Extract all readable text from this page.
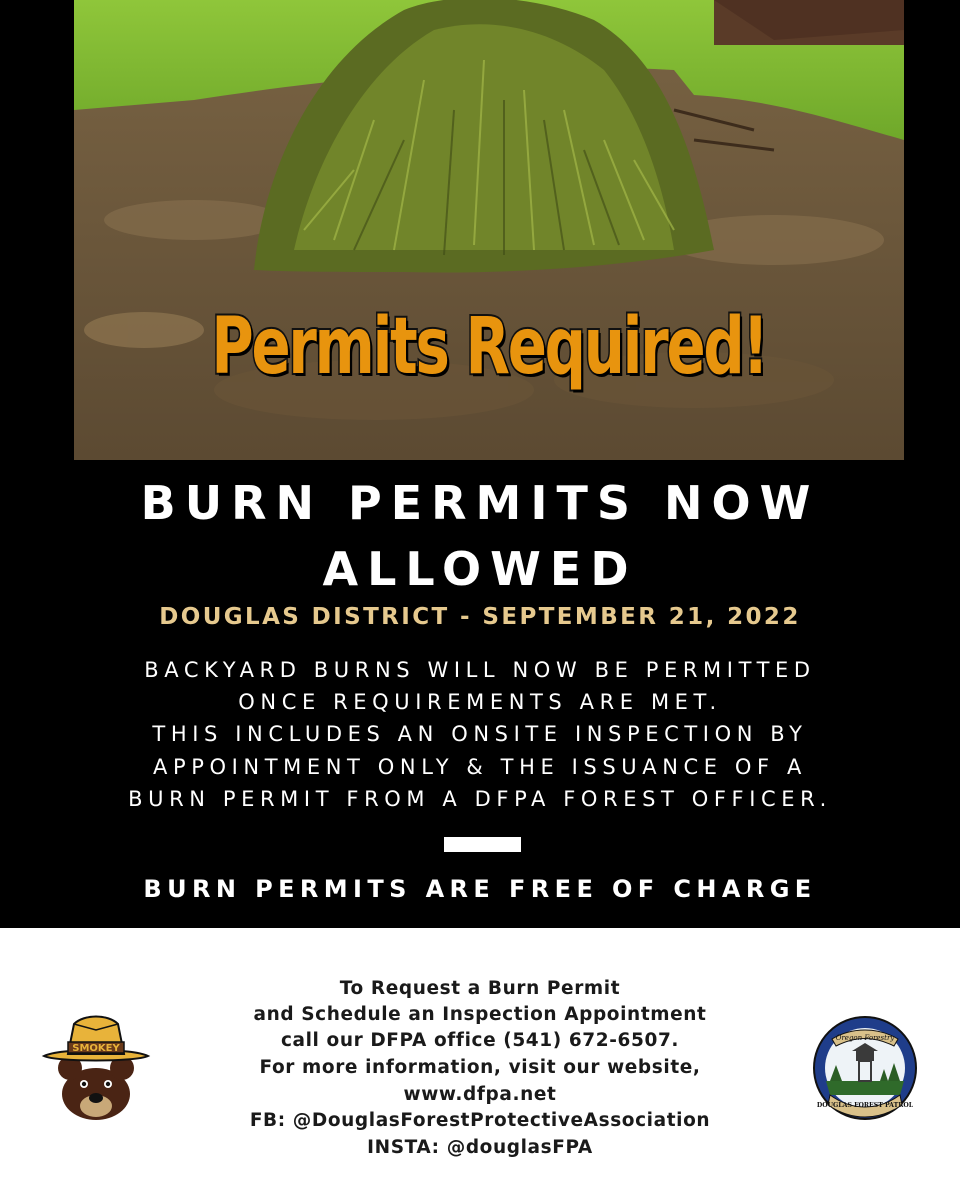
Permits Required!
BURN PERMITS NOW
ALLOWED
DOUGLAS DISTRICT - SEPTEMBER 21, 2022
BACKYARD BURNS WILL NOW BE PERMITTED
ONCE REQUIREMENTS ARE MET.
THIS INCLUDES AN ONSITE INSPECTION BY
APPOINTMENT ONLY & THE ISSUANCE OF A
BURN PERMIT FROM A DFPA FOREST OFFICER.
BURN PERMITS ARE FREE OF CHARGE
To Request a Burn Permit
and Schedule an Inspection Appointment
call our DFPA office (541) 672-6507.
For more information, visit our website,
www.dfpa.net
FB: @DouglasForestProtectiveAssociation
INSTA: @douglasFPA
SMOKEY
Oregon Forestry
DOUGLAS FOREST PATROL
